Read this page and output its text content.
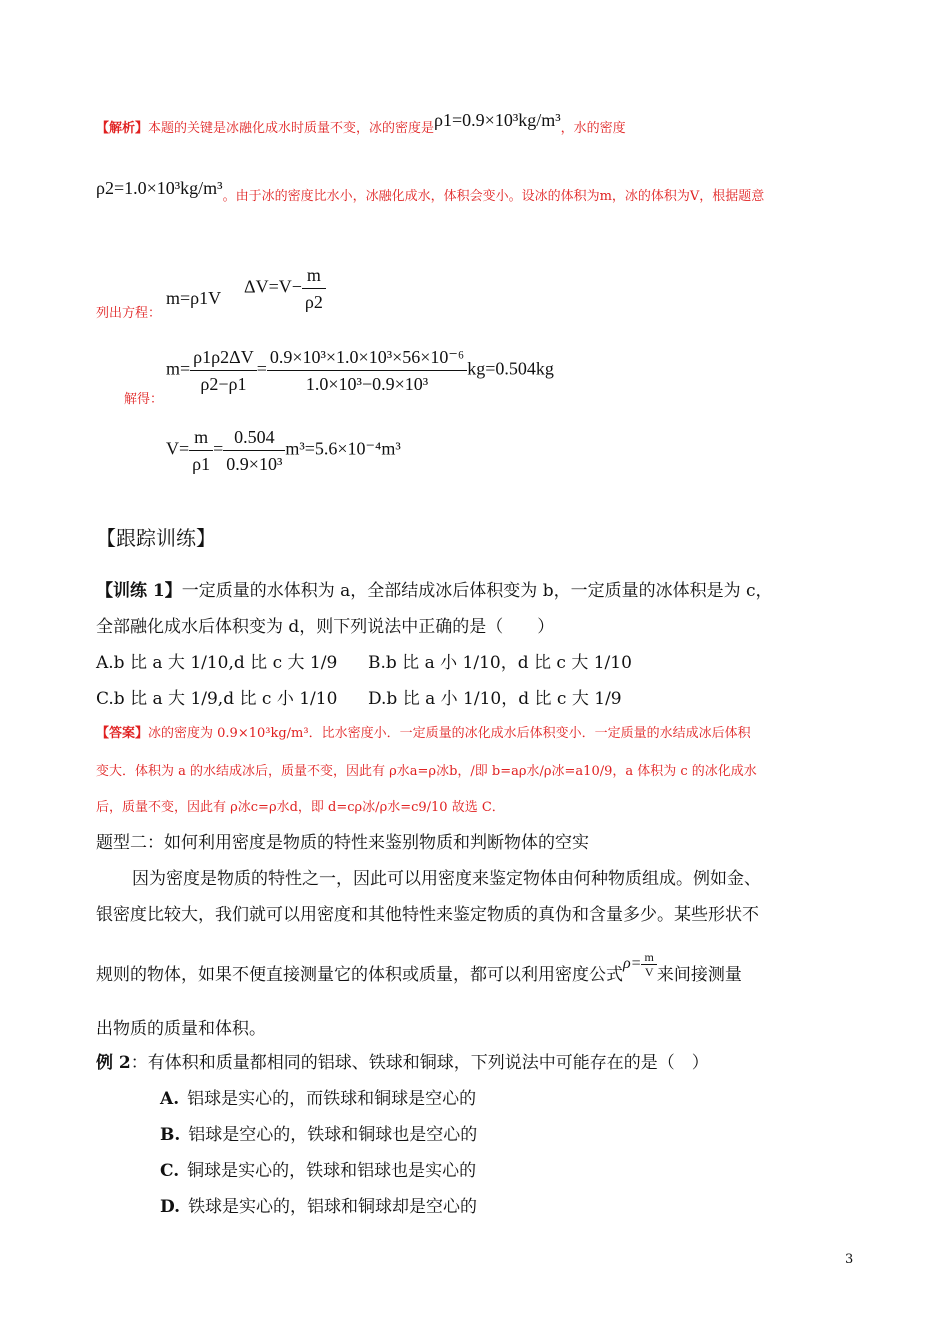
【解析】本题的关键是冰融化成水时质量不变，冰的密度是ρ1=0.9×10³kg/m³，水的密度
$\rho 2=1.0\times 10^3kg/m^3_{。由于冰的密度比水小,冰融化成水,体积会变小。设冰的体积为m,冰的体积为V,根据题意}$
列出方程：
m=ρ1V
$\Delta V=V- \frac{m}{\rho 2}$
解得：
$m= \frac{\rho 1\rho 2\Delta V}{\rho 2-\rho 1} = \frac{\text{0.9×10³×1.0×10³×56×10⁻⁶}}{\text{1.0×10³−0.9×10³}} kg=0.504kg$
$V= \frac{m}{\rho 1} = \frac{0.504}{\text{0.9×10³}} m^3=5.6\times 10^{-4}m^3$
【跟踪训练】
【训练 1】一定质量的水体积为 a，全部结成冰后体积变为 b，一定质量的冰体积是为 c，
全部融化成水后体积变为 d，则下列说法中正确的是（　　）
A.b 比 a 大 1/10,d 比 c 大 1/9 B.b 比 a 小 1/10，d 比 c 大 1/10
C.b 比 a 大 1/9,d 比 c 小 1/10 D.b 比 a 小 1/10，d 比 c 大 1/9
【答案】冰的密度为 0.9×10³kg/m³．比水密度小．一定质量的冰化成水后体积变小．一定质量的水结成冰后体积
变大．体积为 a 的水结成冰后，质量不变，因此有 ρ水a=ρ冰b，/即 b=aρ水/ρ冰=a10/9，a 体积为 c 的冰化成水
后，质量不变，因此有 ρ冰c=ρ水d，即 d=cρ冰/ρ水=c9/10 故选 C．
题型二：如何利用密度是物质的特性来鉴别物质和判断物体的空实
因为密度是物质的特性之一，因此可以用密度来鉴定物体由何种物质组成。例如金、
银密度比较大，我们就可以用密度和其他特性来鉴定物质的真伪和含量多少。某些形状不
规则的物体，如果不便直接测量它的体积或质量，都可以利用密度公式$\rho= \frac{m}{V}$ 来间接测量
出物质的质量和体积。
例 2：有体积和质量都相同的铝球、铁球和铜球，下列说法中可能存在的是（　）
A. 铝球是实心的，而铁球和铜球是空心的
B. 铝球是空心的，铁球和铜球也是空心的
C. 铜球是实心的，铁球和铝球也是实心的
D. 铁球是实心的，铝球和铜球却是空心的
3
